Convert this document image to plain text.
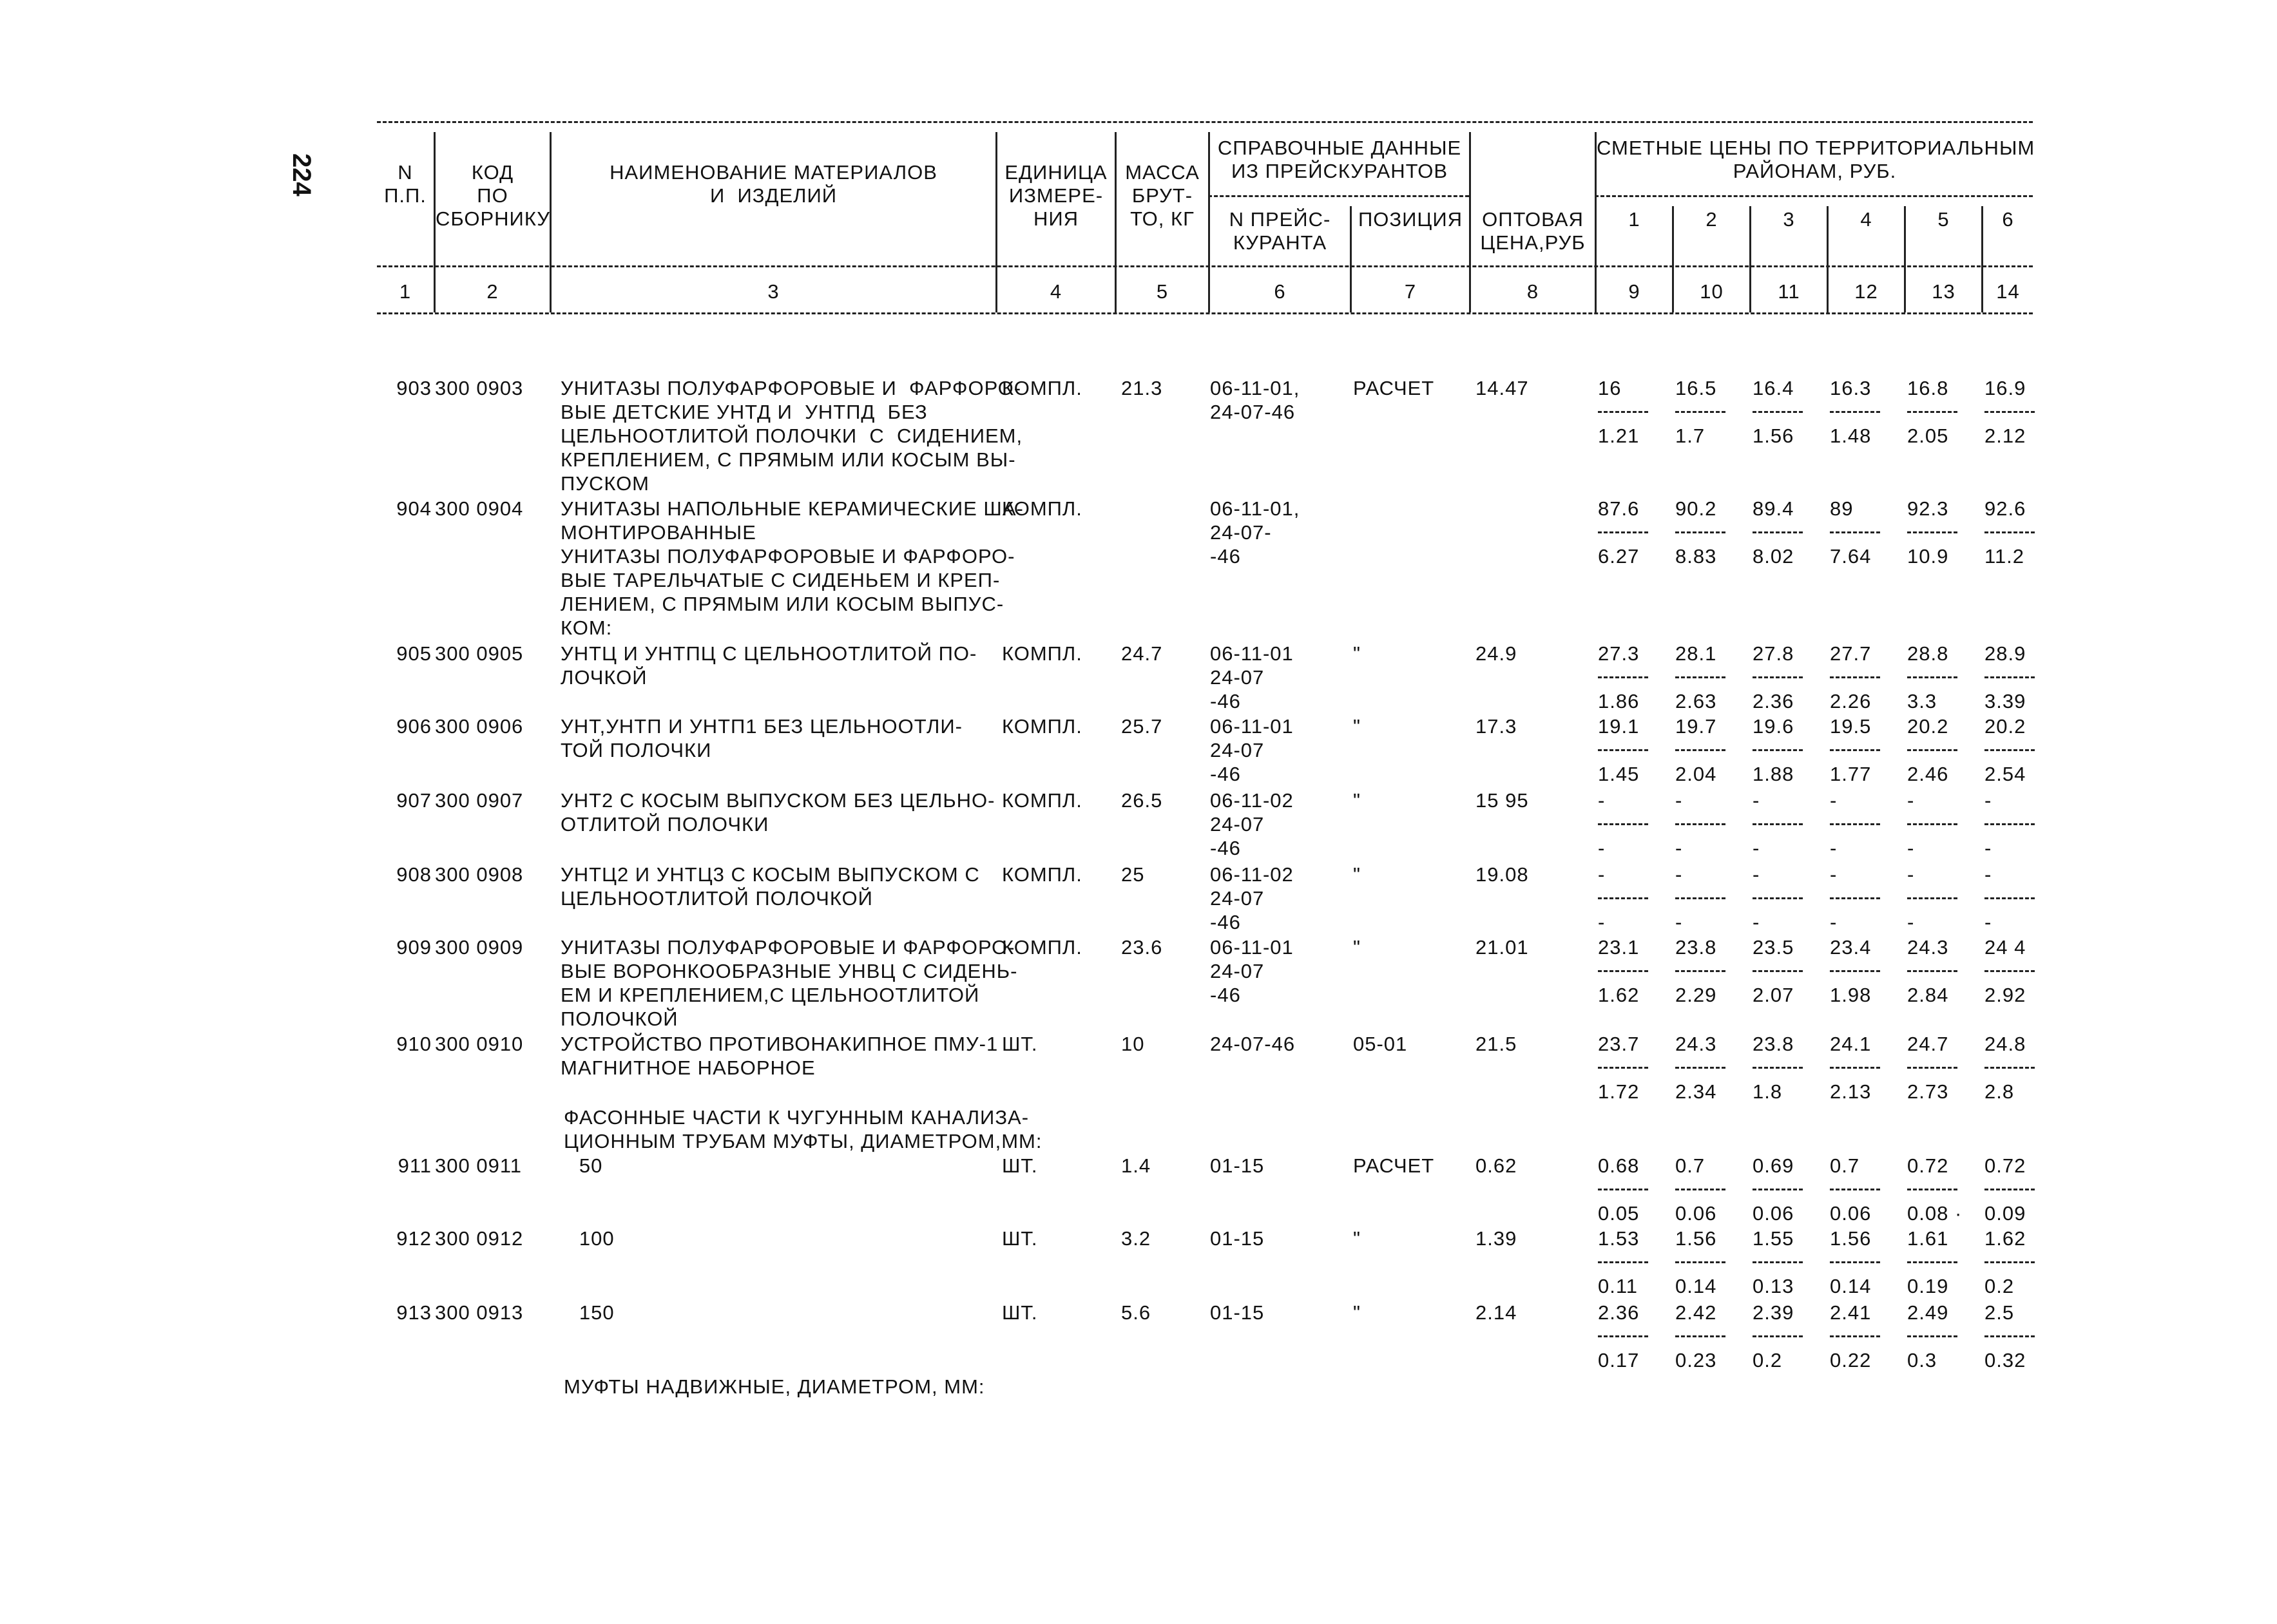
224	N
П.П.
КОД
ПО
СБОРНИКУ
НАИМЕНОВАНИЕ МАТЕРИАЛОВ
И  ИЗДЕЛИЙ
ЕДИНИЦА
ИЗМЕРЕ-
НИЯ
МАССА
БРУТ-
ТО, КГ
СПРАВОЧНЫЕ ДАННЫЕ
ИЗ ПРЕЙСКУРАНТОВ
N ПРЕЙС-
КУРАНТА
ПОЗИЦИЯ ОПТОВАЯ
ЦЕНА,РУБ
СМЕТНЫЕ ЦЕНЫ ПО ТЕРРИТОРИАЛЬНЫМ
РАЙОНАМ, РУБ.
1	2	3	4	5	6
1	2	3	4	5	6	7	8	9	10	11	12	13	14
903 300 0903	УНИТАЗЫ ПОЛУФАРФОРОВЫЕ И  ФАРФОРО-
ВЫЕ ДЕТСКИЕ УНТД И  УНТПД  БЕЗ
ЦЕЛЬНООТЛИТОЙ ПОЛОЧКИ  С  СИДЕНИЕМ,
КРЕПЛЕНИЕМ, С ПРЯМЫМ ИЛИ КОСЫМ ВЫ-
ПУСКОМ
КОМПЛ.	21.3	06-11-01,
24-07-46
РАСЧЕТ	14.47	16	16.5	16.4	16.3	16.8	16.9
1.21	1.7	1.56	1.48	2.05	2.12
904 300 0904	УНИТАЗЫ НАПОЛЬНЫЕ КЕРАМИЧЕСКИЕ ША-
МОНТИРОВАННЫЕ
УНИТАЗЫ ПОЛУФАРФОРОВЫЕ И ФАРФОРО-
ВЫЕ ТАРЕЛЬЧАТЫЕ С СИДЕНЬЕМ И КРЕП-
ЛЕНИЕМ, С ПРЯМЫМ ИЛИ КОСЫМ ВЫПУС-
КОМ:
КОМПЛ.	06-11-01,
24-07-
-46
87.6	90.2	89.4	89	92.3	92.6
6.27	8.83	8.02	7.64	10.9	11.2
905 300 0905	УНТЦ И УНТПЦ С ЦЕЛЬНООТЛИТОЙ ПО-
ЛОЧКОЙ
КОМПЛ.	24.7	06-11-01
24-07
-46
"	24.9	27.3	28.1	27.8	27.7	28.8	28.9
1.86	2.63	2.36	2.26	3.3	3.39
906 300 0906	УНТ,УНТП И УНТП1 БЕЗ ЦЕЛЬНООТЛИ-
ТОЙ ПОЛОЧКИ
КОМПЛ.	25.7	06-11-01
24-07
-46
"	17.3	19.1	19.7	19.6	19.5	20.2	20.2
1.45	2.04	1.88	1.77	2.46	2.54
907 300 0907	УНТ2 С КОСЫМ ВЫПУСКОМ БЕЗ ЦЕЛЬНО-
ОТЛИТОЙ ПОЛОЧКИ
КОМПЛ.	26.5	06-11-02
24-07
-46
"	15 95	-	-	-	-	-	-
-	-	-	-	-	-
908 300 0908	УНТЦ2 И УНТЦ3 С КОСЫМ ВЫПУСКОМ С
ЦЕЛЬНООТЛИТОЙ ПОЛОЧКОЙ
КОМПЛ.	25	06-11-02
24-07
-46
"	19.08	-	-	-	-	-	-
-	-	-	-	-	-
909 300 0909	УНИТАЗЫ ПОЛУФАРФОРОВЫЕ И ФАРФОРО-
ВЫЕ ВОРОНКООБРАЗНЫЕ УНВЦ С СИДЕНЬ-
ЕМ И КРЕПЛЕНИЕМ,С ЦЕЛЬНООТЛИТОЙ
ПОЛОЧКОЙ
КОМПЛ.	23.6	06-11-01
24-07
-46
"	21.01	23.1	23.8	23.5	23.4	24.3	24 4
1.62	2.29	2.07	1.98	2.84	2.92
910 300 0910	УСТРОЙСТВО ПРОТИВОНАКИПНОЕ ПМУ-1
МАГНИТНОЕ НАБОРНОЕ
ШТ.	10	24-07-46	05-01	21.5	23.7	24.3	23.8	24.1	24.7	24.8
1.72	2.34	1.8	2.13	2.73	2.8
ФАСОННЫЕ ЧАСТИ К ЧУГУННЫМ КАНАЛИЗА-
ЦИОННЫМ ТРУБАМ МУФТЫ, ДИАМЕТРОМ,ММ:
911 300 0911	50	ШТ.	1.4	01-15	РАСЧЕТ	0.62	0.68	0.7	0.69	0.7	0.72	0.72
0.05	0.06	0.06	0.06	0.08 ·	0.09
912 300 0912	100	ШТ.	3.2	01-15	"	1.39	1.53	1.56	1.55	1.56	1.61	1.62
0.11	0.14	0.13	0.14	0.19	0.2
913 300 0913	150	ШТ.	5.6	01-15	"	2.14	2.36	2.42	2.39	2.41	2.49	2.5
0.17	0.23	0.2	0.22	0.3	0.32
МУФТЫ НАДВИЖНЫЕ, ДИАМЕТРОМ, ММ:
